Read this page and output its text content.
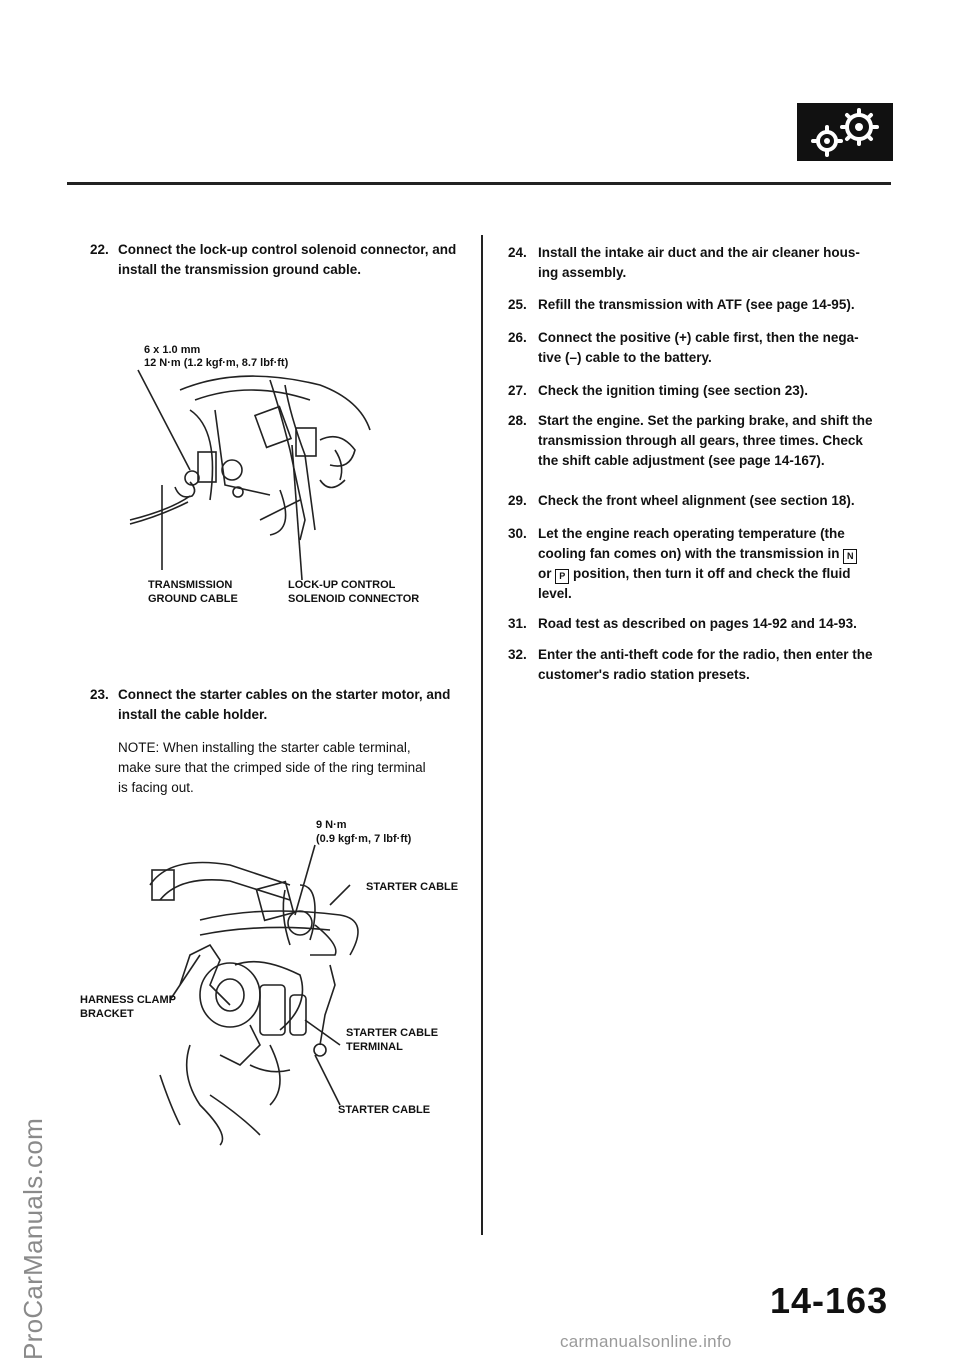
ProCarManuals.com
22. Connect the lock-up control solenoid connector, and
install the transmission ground cable.
6 x 1.0 mm
12 N·m (1.2 kgf·m, 8.7 lbf·ft)
TRANSMISSION
GROUND CABLE
LOCK-UP CONTROL
SOLENOID CONNECTOR
23. Connect the starter cables on the starter motor, and
install the cable holder.
NOTE: When installing the starter cable terminal,
make sure that the crimped side of the ring terminal
is facing out.
9 N·m
(0.9 kgf·m, 7 lbf·ft)
STARTER CABLE
HARNESS CLAMP
BRACKET
STARTER CABLE
TERMINAL
STARTER CABLE
24. Install the intake air duct and the air cleaner hous-
ing assembly.
25. Refill the transmission with ATF (see page 14-95).
26. Connect the positive (+) cable first, then the nega-
tive (–) cable to the battery.
27. Check the ignition timing (see section 23).
28. Start the engine. Set the parking brake, and shift the
transmission through all gears, three times. Check
the shift cable adjustment (see page 14-167).
29. Check the front wheel alignment (see section 18).
30. Let the engine reach operating temperature (the
cooling fan comes on) with the transmission in N
or P position, then turn it off and check the fluid
level.
31. Road test as described on pages 14-92 and 14-93.
32. Enter the anti-theft code for the radio, then enter the
customer's radio station presets.
14-163
carmanualsonline.info
